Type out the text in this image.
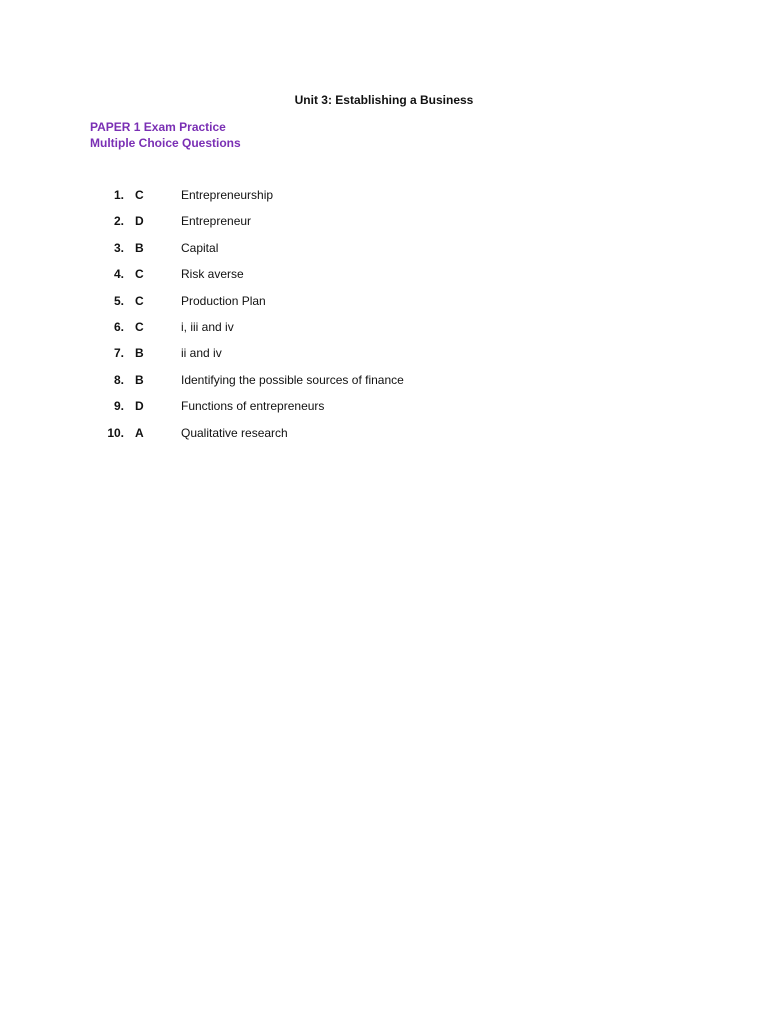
Unit 3: Establishing a Business
PAPER 1 Exam Practice
Multiple Choice Questions
1. C	Entrepreneurship
2. D	Entrepreneur
3. B	Capital
4. C	Risk averse
5. C	Production Plan
6. C	i, iii and iv
7. B	ii and iv
8. B	Identifying the possible sources of finance
9. D	Functions of entrepreneurs
10. A	Qualitative research
